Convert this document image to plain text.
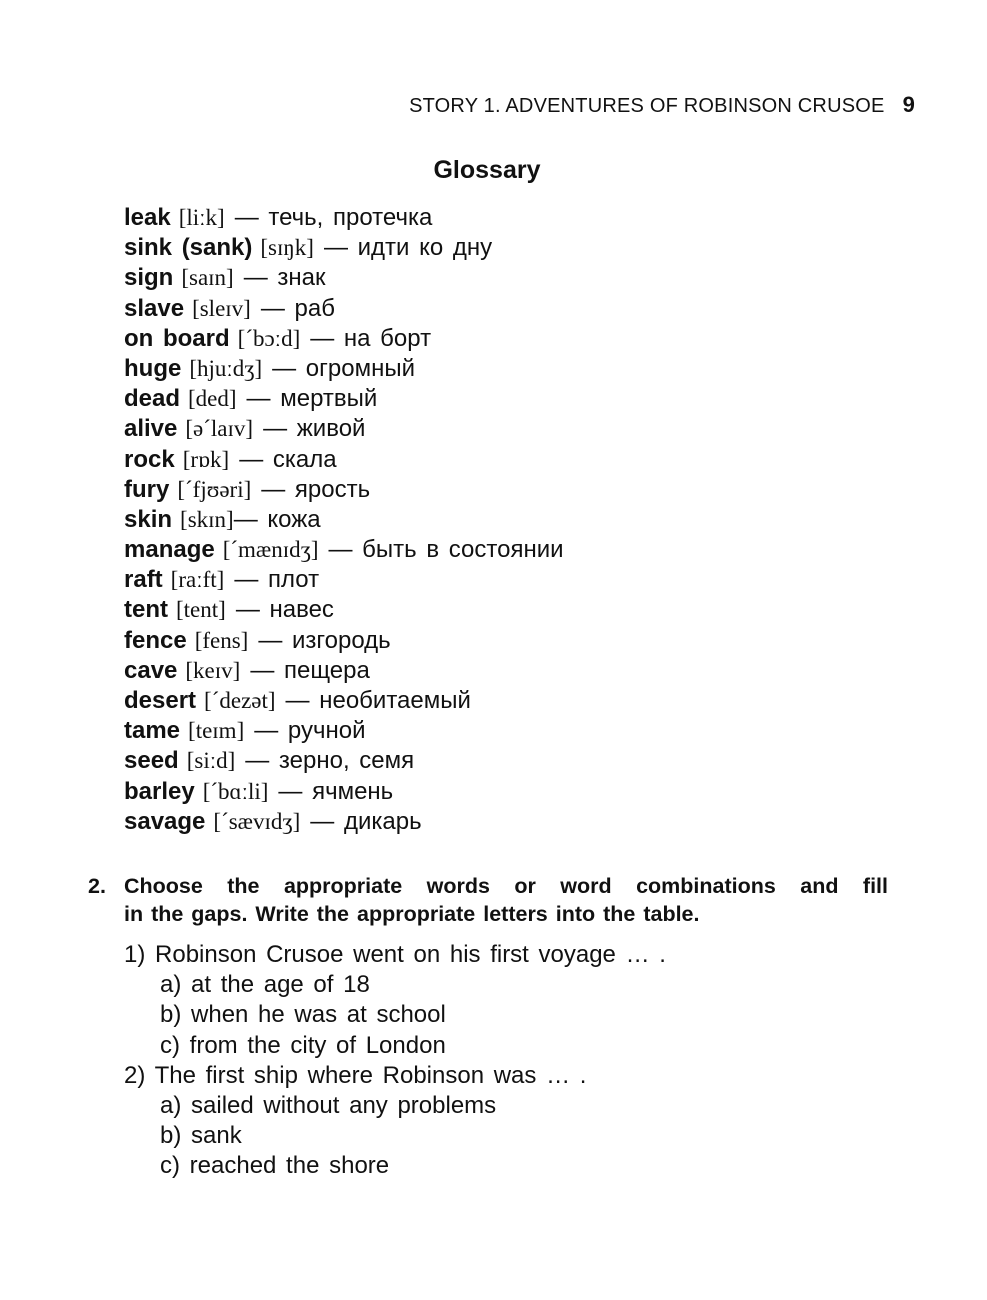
STORY 1. ADVENTURES OF ROBINSON CRUSOE 9
Glossary
leak [liːk] — течь, протечка
sink (sank) [sɪŋk] — идти ко дну
sign [saɪn] — знак
slave [sleɪv] — раб
on board [´bɔːd] — на борт
huge [hjuːdʒ] — огромный
dead [ded] — мертвый
alive [ə´laɪv] — живой
rock [rɒk] — скала
fury [´fjʊəri] — ярость
skin [skɪn]— кожа
manage [´mænɪdʒ] — быть в состоянии
raft [raːft] — плот
tent [tent] — навес
fence [fens] — изгородь
cave [keɪv] — пещера
desert [´dezət] — необитаемый
tame [teɪm] — ручной
seed [siːd] — зерно, семя
barley [´bɑːli] — ячмень
savage [´sævɪdʒ] — дикарь
2. Choose the appropriate words or word combinations and fill
in the gaps. Write the appropriate letters into the table.
1) Robinson Crusoe went on his first voyage … .
a) at the age of 18
b) when he was at school
c) from the city of London
2) The first ship where Robinson was … .
a) sailed without any problems
b) sank
c) reached the shore
